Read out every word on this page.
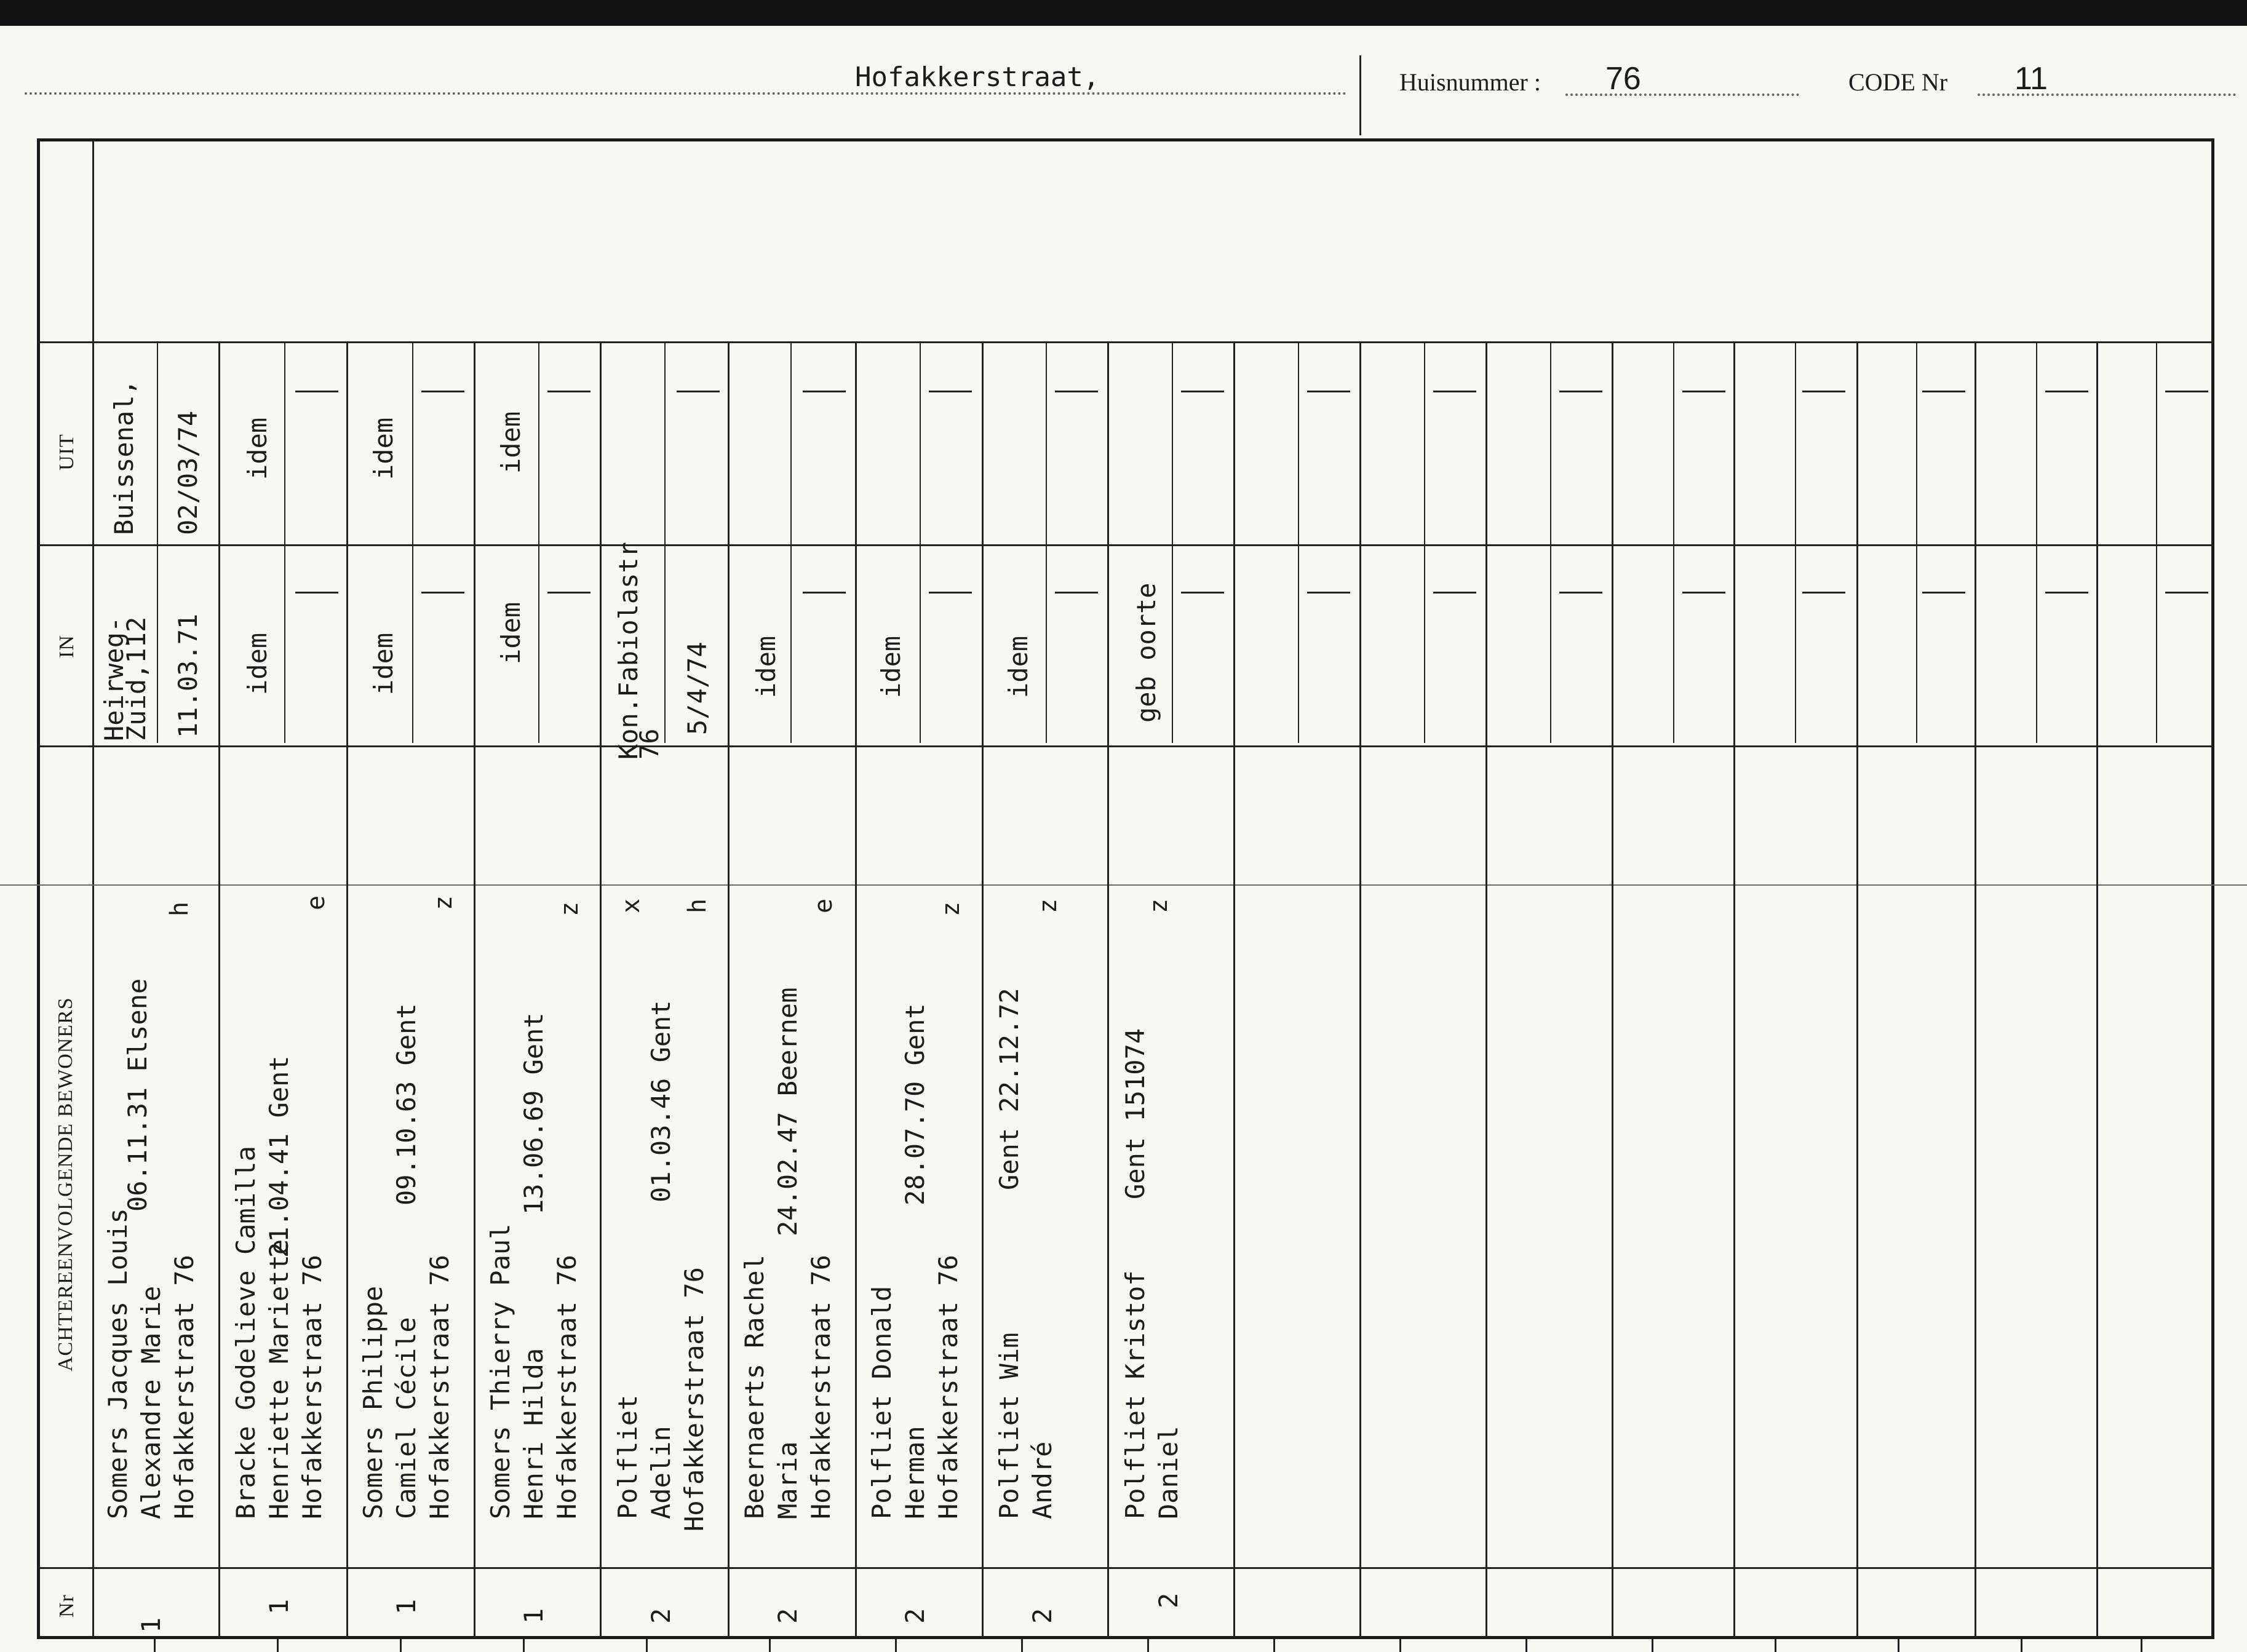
Hofakkerstraat,	Huisnummer : 76	CODE Nr 11
UIT
IN
ACHTEREENVOLGENDE BEWONERS
Nr
Somers Jacques Louis Alexandre Marie Hofakkerstraat 76
06.11.31 Elsene
h
Heirweg-
Zuid,112 11.03.71
Buissenal, 02/03/74
1
Bracke Godelieve Camilla Henriette Mariette Hofakkerstraat 76
21.04.41 Gent
e
idem
idem
1
Somers Philippe Camiel Cécile Hofakkerstraat 76
09.10.63 Gent
z
idem
idem
1
Somers Thierry Paul Henri Hilda Hofakkerstraat 76
13.06.69 Gent
z
idem
idem
1
Polfliet Adelin Hofakkerstraat 76
01.03.46 Gent
x h
Kon.Fabiolastr
76
5/4/74
2
Beernaerts Rachel Maria Hofakkerstraat 76
24.02.47 Beernem
e
idem
2
Polfliet Donald Herman Hofakkerstraat 76
28.07.70 Gent
z
idem
2
Polfliet Wim André
Gent 22.12.72
z
idem
2
Polfliet Kristof Daniel
Gent 151074
z
geb oorte
2
